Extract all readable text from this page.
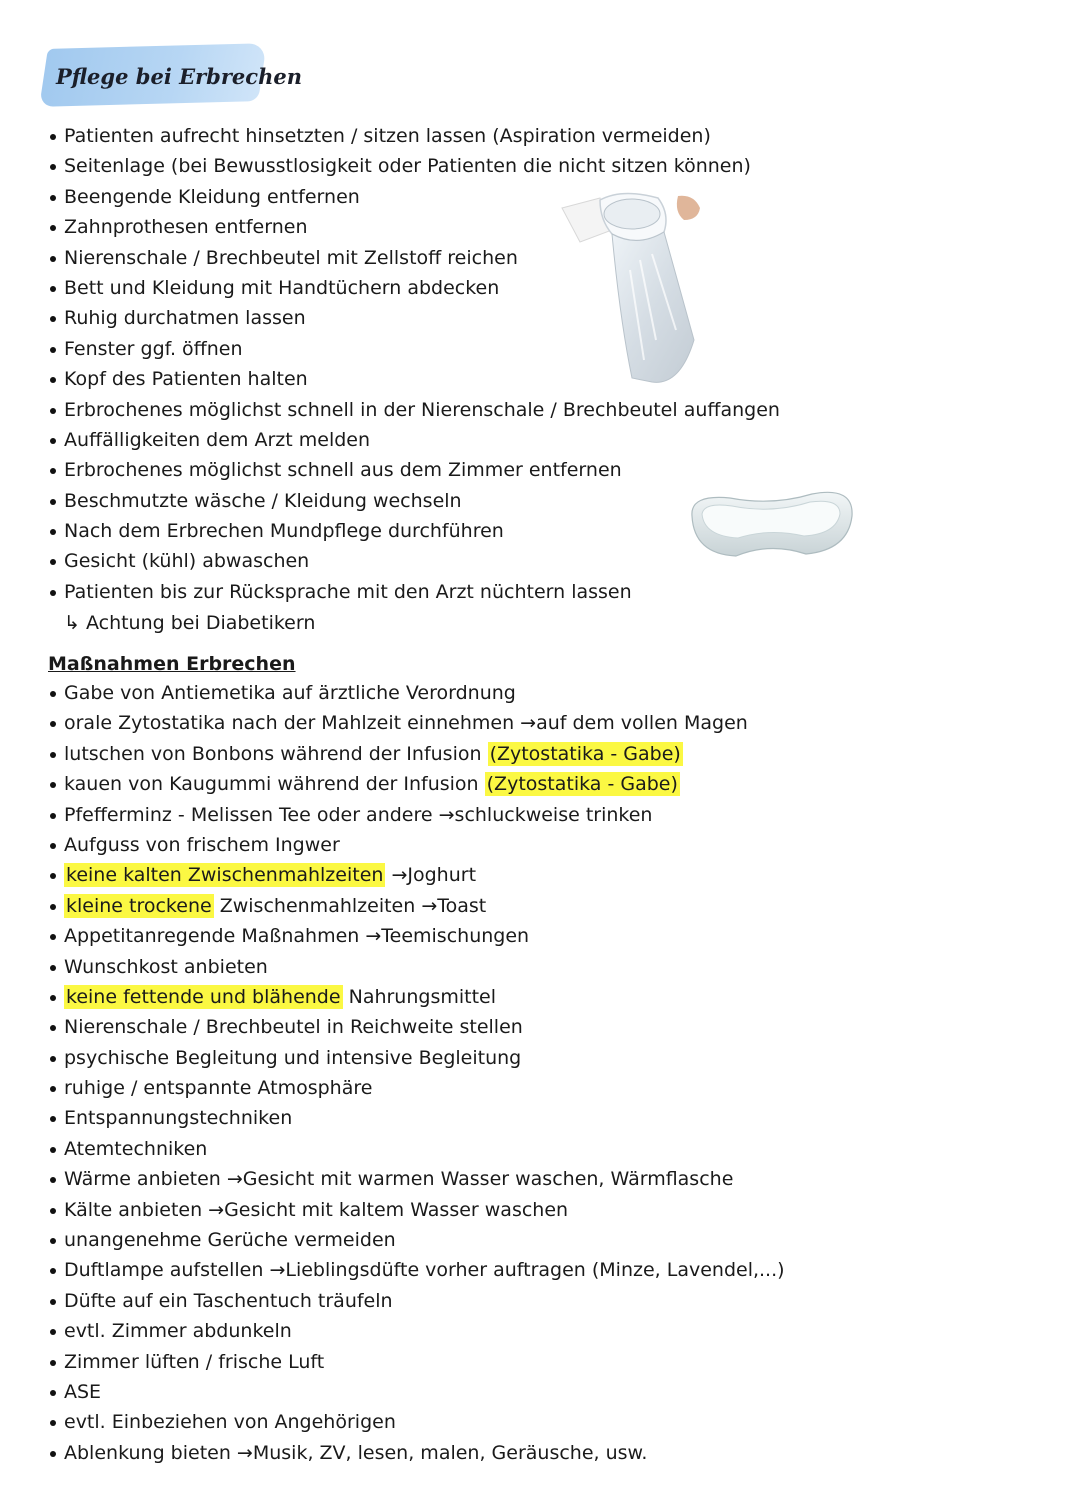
Pflege bei Erbrechen
Patienten aufrecht hinsetzten / sitzen lassen (Aspiration vermeiden)
Seitenlage (bei Bewusstlosigkeit oder Patienten die nicht sitzen können)
Beengende Kleidung entfernen
Zahnprothesen entfernen
Nierenschale / Brechbeutel mit Zellstoff reichen
Bett und Kleidung mit Handtüchern abdecken
Ruhig durchatmen lassen
Fenster ggf. öffnen
Kopf des Patienten halten
Erbrochenes möglichst schnell in der Nierenschale / Brechbeutel auffangen
Auffälligkeiten dem Arzt melden
Erbrochenes möglichst schnell aus dem Zimmer entfernen
Beschmutzte wäsche / Kleidung wechseln
Nach dem Erbrechen Mundpflege durchführen
Gesicht (kühl) abwaschen
Patienten bis zur Rücksprache mit den Arzt nüchtern lassen
↳ Achtung bei Diabetikern
Maßnahmen Erbrechen
Gabe von Antiemetika auf ärztliche Verordnung
orale Zytostatika nach der Mahlzeit einnehmen →auf dem vollen Magen
lutschen von Bonbons während der Infusion (Zytostatika - Gabe)
kauen von Kaugummi während der Infusion (Zytostatika - Gabe)
Pfefferminz - Melissen Tee oder andere →schluckweise trinken
Aufguss von frischem Ingwer
keine kalten Zwischenmahlzeiten →Joghurt
kleine trockene Zwischenmahlzeiten →Toast
Appetitanregende Maßnahmen →Teemischungen
Wunschkost anbieten
keine fettende und blähende Nahrungsmittel
Nierenschale / Brechbeutel in Reichweite stellen
psychische Begleitung und intensive Begleitung
ruhige / entspannte Atmosphäre
Entspannungstechniken
Atemtechniken
Wärme anbieten →Gesicht mit warmen Wasser waschen, Wärmflasche
Kälte anbieten →Gesicht mit kaltem Wasser waschen
unangenehme Gerüche vermeiden
Duftlampe aufstellen →Lieblingsdüfte vorher auftragen (Minze, Lavendel,...)
Düfte auf ein Taschentuch träufeln
evtl. Zimmer abdunkeln
Zimmer lüften / frische Luft
ASE
evtl. Einbeziehen von Angehörigen
Ablenkung bieten →Musik, ZV, lesen, malen, Geräusche, usw.
